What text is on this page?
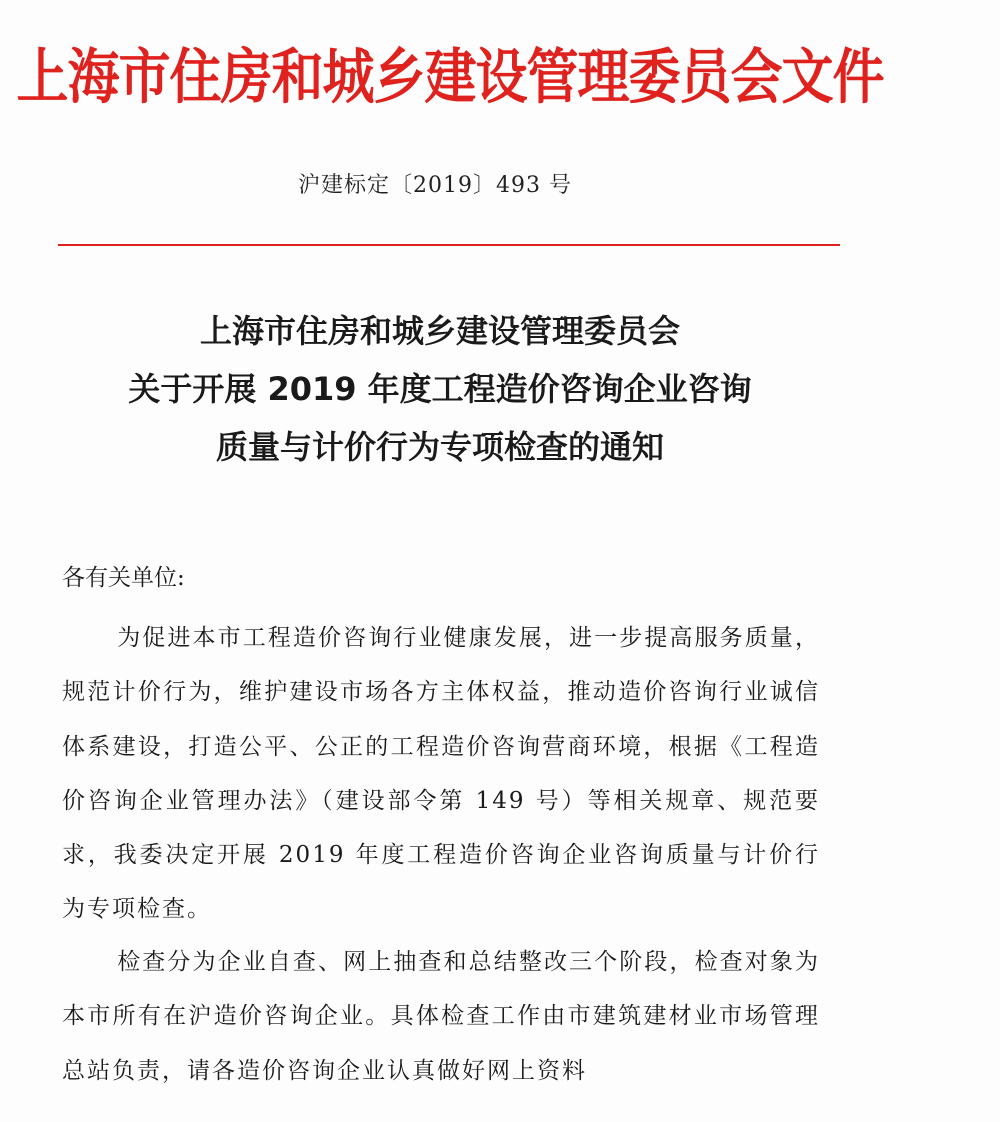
上海市住房和城乡建设管理委员会文件
沪建标定〔2019〕493 号
上海市住房和城乡建设管理委员会
关于开展 2019 年度工程造价咨询企业咨询
质量与计价行为专项检查的通知
各有关单位:

为促进本市工程造价咨询行业健康发展，进一步提高服务质量，规范计价行为，维护建设市场各方主体权益，推动造价咨询行业诚信体系建设，打造公平、公正的工程造价咨询营商环境，根据《工程造价咨询企业管理办法》（建设部令第 149 号）等相关规章、规范要求，我委决定开展 2019 年度工程造价咨询企业咨询质量与计价行为专项检查。

检查分为企业自查、网上抽查和总结整改三个阶段，检查对象为本市所有在沪造价咨询企业。具体检查工作由市建筑建材业市场管理总站负责，请各造价咨询企业认真做好网上资料
